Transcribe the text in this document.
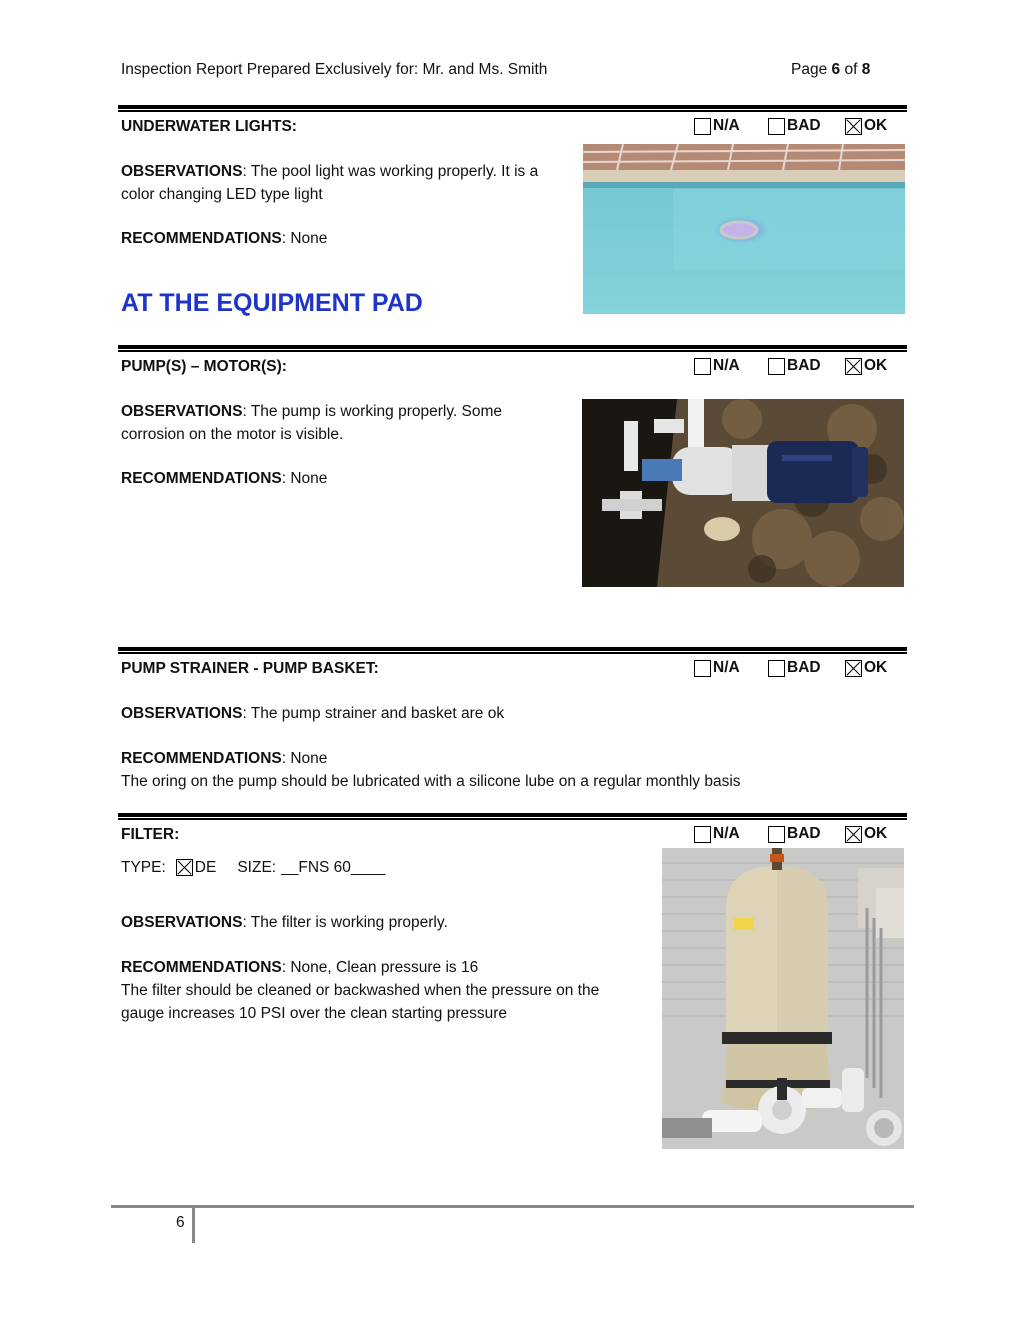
Inspection Report Prepared Exclusively for: Mr. and Ms. Smith	Page 6 of 8
UNDERWATER LIGHTS:	N/A	BAD	OK
OBSERVATIONS: The pool light was working properly. It is a
color changing LED type light
RECOMMENDATIONS: None
AT THE EQUIPMENT PAD
PUMP(S) – MOTOR(S):	N/A	BAD	OK
OBSERVATIONS: The pump is working properly. Some
corrosion on the motor is visible.
RECOMMENDATIONS: None
PUMP STRAINER - PUMP BASKET:	N/A	BAD	OK
OBSERVATIONS: The pump strainer and basket are ok
RECOMMENDATIONS: None
The oring on the pump should be lubricated with a silicone lube on a regular monthly basis
FILTER:	N/A	BAD	OK
TYPE: DE SIZE: __FNS 60____
OBSERVATIONS: The filter is working properly.
RECOMMENDATIONS: None, Clean pressure is 16
The filter should be cleaned or backwashed when the pressure on the
gauge increases 10 PSI over the clean starting pressure
6
